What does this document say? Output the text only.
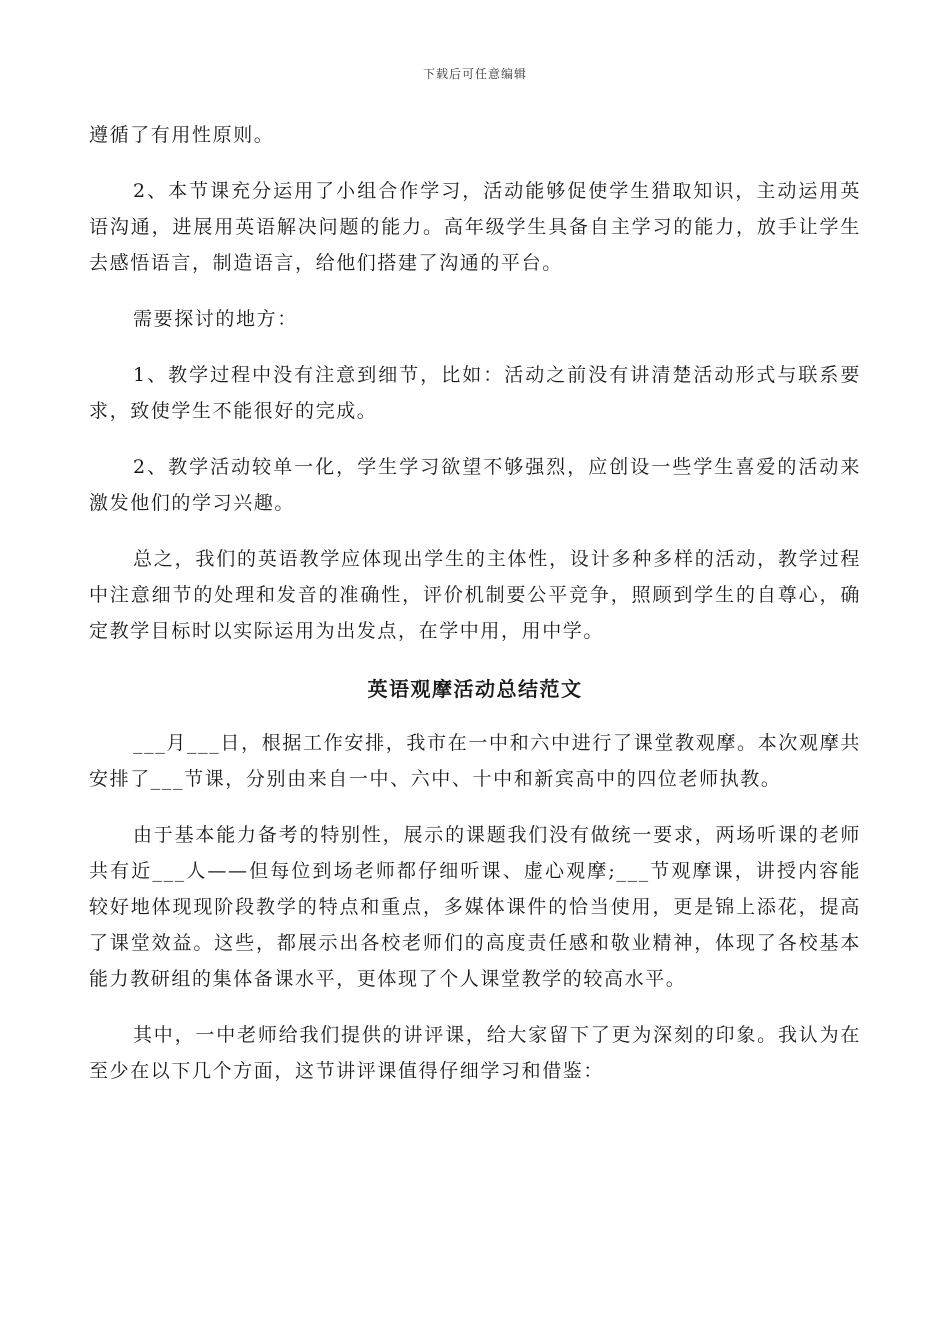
下载后可任意编辑

遵循了有用性原则。

2、本节课充分运用了小组合作学习，活动能够促使学生猎取知识，主动运用英语沟通，进展用英语解决问题的能力。高年级学生具备自主学习的能力，放手让学生去感悟语言，制造语言，给他们搭建了沟通的平台。

需要探讨的地方：

1、教学过程中没有注意到细节，比如：活动之前没有讲清楚活动形式与联系要求，致使学生不能很好的完成。

2、教学活动较单一化，学生学习欲望不够强烈，应创设一些学生喜爱的活动来激发他们的学习兴趣。

总之，我们的英语教学应体现出学生的主体性，设计多种多样的活动，教学过程中注意细节的处理和发音的准确性，评价机制要公平竞争，照顾到学生的自尊心，确定教学目标时以实际运用为出发点，在学中用，用中学。

英语观摩活动总结范文

___月___日，根据工作安排，我市在一中和六中进行了课堂教观摩。本次观摩共安排了___节课，分别由来自一中、六中、十中和新宾高中的四位老师执教。

由于基本能力备考的特别性，展示的课题我们没有做统一要求，两场听课的老师共有近___人——但每位到场老师都仔细听课、虚心观摩;___节观摩课，讲授内容能较好地体现现阶段教学的特点和重点，多媒体课件的恰当使用，更是锦上添花，提高了课堂效益。这些，都展示出各校老师们的高度责任感和敬业精神，体现了各校基本能力教研组的集体备课水平，更体现了个人课堂教学的较高水平。

其中，一中老师给我们提供的讲评课，给大家留下了更为深刻的印象。我认为在至少在以下几个方面，这节讲评课值得仔细学习和借鉴：
